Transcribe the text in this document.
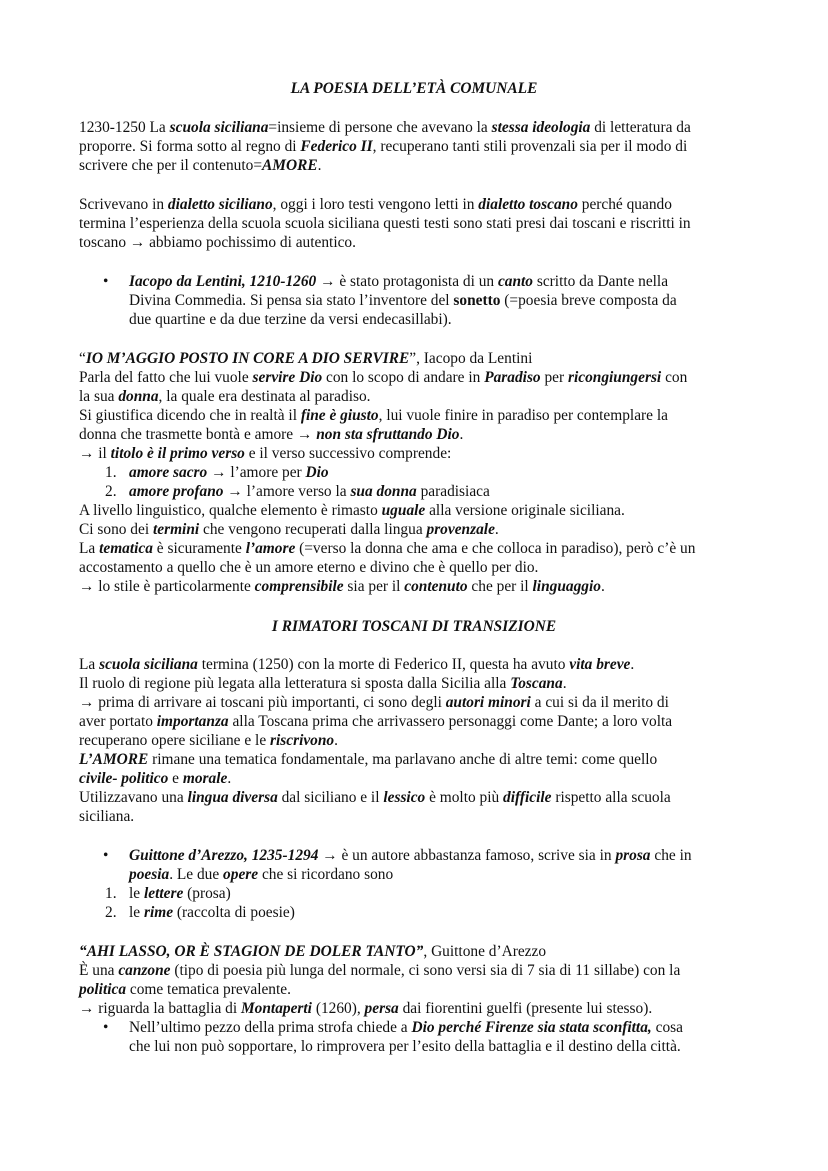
LA POESIA DELL’ETÀ COMUNALE
1230-1250 La scuola siciliana=insieme di persone che avevano la stessa ideologia di letteratura da
proporre. Si forma sotto al regno di Federico II, recuperano tanti stili provenzali sia per il modo di
scrivere che per il contenuto=AMORE.
Scrivevano in dialetto siciliano, oggi i loro testi vengono letti in dialetto toscano perché quando
termina l’esperienza della scuola scuola siciliana questi testi sono stati presi dai toscani e riscritti in
toscano → abbiamo pochissimo di autentico.
• Iacopo da Lentini, 1210-1260 → è stato protagonista di un canto scritto da Dante nella
Divina Commedia. Si pensa sia stato l’inventore del sonetto (=poesia breve composta da
due quartine e da due terzine da versi endecasillabi).
“IO M’AGGIO POSTO IN CORE A DIO SERVIRE”, Iacopo da Lentini
Parla del fatto che lui vuole servire Dio con lo scopo di andare in Paradiso per ricongiungersi con
la sua donna, la quale era destinata al paradiso.
Si giustifica dicendo che in realtà il fine è giusto, lui vuole finire in paradiso per contemplare la
donna che trasmette bontà e amore → non sta sfruttando Dio.
→ il titolo è il primo verso e il verso successivo comprende:
1. amore sacro → l’amore per Dio
2. amore profano → l’amore verso la sua donna paradisiaca
A livello linguistico, qualche elemento è rimasto uguale alla versione originale siciliana.
Ci sono dei termini che vengono recuperati dalla lingua provenzale.
La tematica è sicuramente l’amore (=verso la donna che ama e che colloca in paradiso), però c’è un
accostamento a quello che è un amore eterno e divino che è quello per dio.
→ lo stile è particolarmente comprensibile sia per il contenuto che per il linguaggio.
I RIMATORI TOSCANI DI TRANSIZIONE
La scuola siciliana termina (1250) con la morte di Federico II, questa ha avuto vita breve.
Il ruolo di regione più legata alla letteratura si sposta dalla Sicilia alla Toscana.
→ prima di arrivare ai toscani più importanti, ci sono degli autori minori a cui si da il merito di
aver portato importanza alla Toscana prima che arrivassero personaggi come Dante; a loro volta
recuperano opere siciliane e le riscrivono.
L’AMORE rimane una tematica fondamentale, ma parlavano anche di altre temi: come quello
civile- politico e morale.
Utilizzavano una lingua diversa dal siciliano e il lessico è molto più difficile rispetto alla scuola
siciliana.
• Guittone d’Arezzo, 1235-1294 → è un autore abbastanza famoso, scrive sia in prosa che in
poesia. Le due opere che si ricordano sono
1. le lettere (prosa)
2. le rime (raccolta di poesie)
“AHI LASSO, OR È STAGION DE DOLER TANTO”, Guittone d’Arezzo
È una canzone (tipo di poesia più lunga del normale, ci sono versi sia di 7 sia di 11 sillabe) con la
politica come tematica prevalente.
→ riguarda la battaglia di Montaperti (1260), persa dai fiorentini guelfi (presente lui stesso).
• Nell’ultimo pezzo della prima strofa chiede a Dio perché Firenze sia stata sconfitta, cosa
che lui non può sopportare, lo rimprovera per l’esito della battaglia e il destino della città.
